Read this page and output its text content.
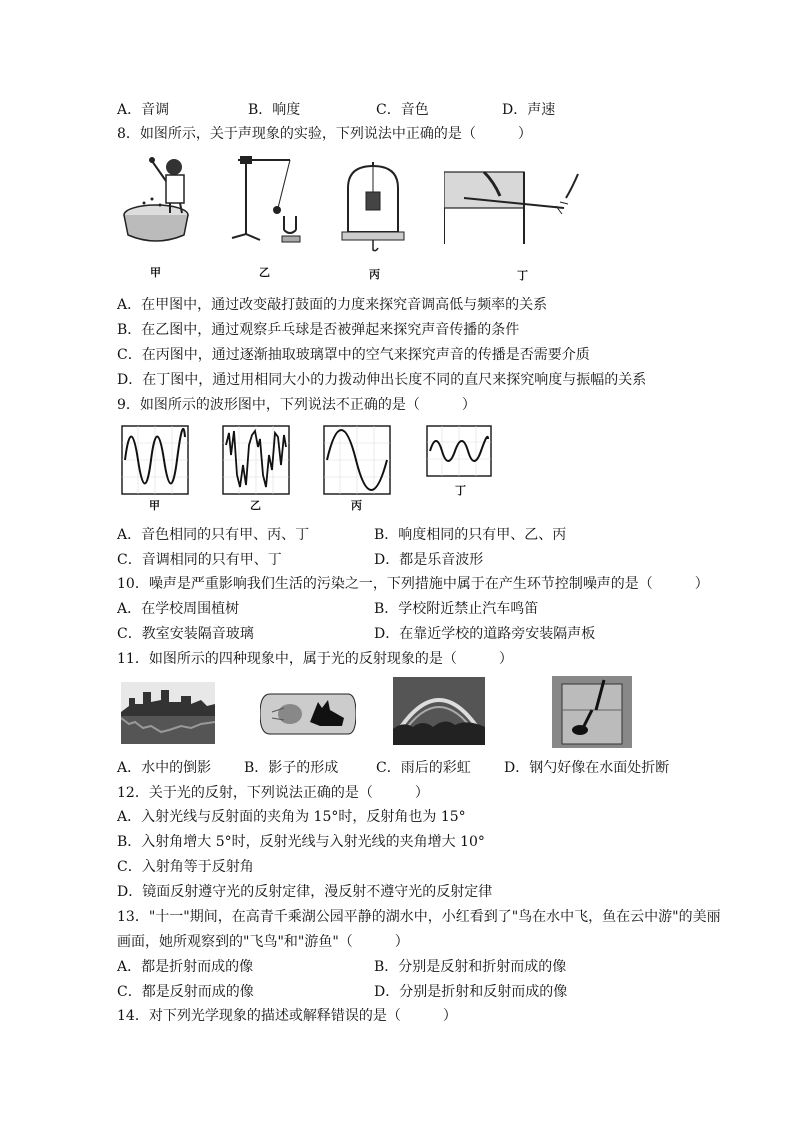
A．音调	B．响度	C．音色	D．声速
8．如图所示，关于声现象的实验，下列说法中正确的是（　　　）
甲	乙	丙	丁
A．在甲图中，通过改变敲打鼓面的力度来探究音调高低与频率的关系
B．在乙图中，通过观察乒乓球是否被弹起来探究声音传播的条件
C．在丙图中，通过逐渐抽取玻璃罩中的空气来探究声音的传播是否需要介质
D．在丁图中，通过用相同大小的力拨动伸出长度不同的直尺来探究响度与振幅的关系
9．如图所示的波形图中，下列说法不正确的是（　　　）
甲	乙	丙
丁
A．音色相同的只有甲、丙、丁	B．响度相同的只有甲、乙、丙
C．音调相同的只有甲、丁	D．都是乐音波形
10．噪声是严重影响我们生活的污染之一，下列措施中属于在产生环节控制噪声的是（　　　）
A．在学校周围植树	B．学校附近禁止汽车鸣笛
C．教室安装隔音玻璃	D．在靠近学校的道路旁安装隔声板
11．如图所示的四种现象中，属于光的反射现象的是（　　　）
A．水中的倒影 B．影子的形成	C．雨后的彩虹 D．钢勺好像在水面处折断
12．关于光的反射，下列说法正确的是（　　　）
A．入射光线与反射面的夹角为 15°时，反射角也为 15°
B．入射角增大 5°时，反射光线与入射光线的夹角增大 10°
C．入射角等于反射角
D．镜面反射遵守光的反射定律，漫反射不遵守光的反射定律
13．"十一"期间，在高青千乘湖公园平静的湖水中，小红看到了"鸟在水中飞，鱼在云中游"的美丽
画面，她所观察到的"飞鸟"和"游鱼"（　　　）
A．都是折射而成的像	B．分别是反射和折射而成的像
C．都是反射而成的像	D．分别是折射和反射而成的像
14．对下列光学现象的描述或解释错误的是（　　　）
